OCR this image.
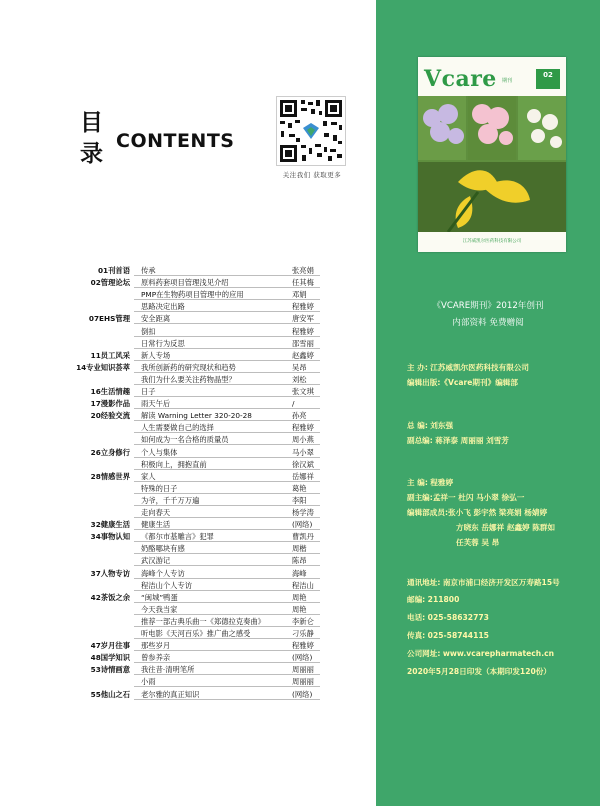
目
录 CONTENTS
关注我们 获取更多
01刊首语 传承	张亮娟
02管理论坛 原料药套项目管理浅见介绍	任其梅
PMP在生物药项目管理中的应用	邓娟
思路决定出路	程雅婷
07EHS管理 安全距离	唐安军
倒扣	程雅婷
日常行为反思	邵雪丽
11员工风采 新人专场	赵鑫婷
14专业知识荟萃 我所创新药的研究现状和趋势	吴昂
我们为什么要关注药物晶型？	刘松
16生活情趣 日子	张文琪
17漫影作品 雨天午后	/
20经验交流 解读 Warning Letter 320-20-28	孙亮
人生需要做自己的选择	程雅婷
如何成为一名合格的质量员	周小燕
26立身修行 个人与集体	马小翠
积极向上，拥抱直前	徐汉斌
28情感世界 家人	岳娜祥
特殊的日子	葛艳
为爷，千千万万遍	李阳
走向春天	杨学涛
32健康生活 健康生活	(网络)
34事物认知 《都尔市基雕言》犯罪	曹凯丹
奶酪哪块有感	周楷
武汉游记	陈昂
37人物专访 海峰个人专访	海峰
程洁山个人专访	程洁山
42茶饭之余 “闽城”鸭蛋	周艳
今天我当家	周艳
推荐一部古典乐曲一《郑德拉克奏曲》	李新仑
听电影《天河百乐》推广曲之感受	刁乐静
47岁月往事 那些岁月	程雅婷
48国学知识 曾参养亲	(网络)
53诗情画意 我往昔·清明笔所	周丽丽
小雨	周丽丽
55他山之石 老尔雅的真正知识	(网络)
Vcare 期刊
02
江苏威凯尔医药科技有限公司
《VCARE期刊》2012年创刊
内部资料 免费赠阅
主 办: 江苏威凯尔医药科技有限公司
编辑出版:《Vcare期刊》编辑部
总 编: 刘东强
副总编: 蒋泽泰 周丽丽 刘雪芳
主 编: 程雅婷
副主编:孟祥一 杜闪 马小翠 徐弘一
编辑部成员:张小飞 彭宇然 梁亮娟 杨婧婷
方晓东 岳娜祥 赵鑫婷 陈群如
任芙蓉 吴 昂
通讯地址: 南京市浦口经济开发区万寿路15号
邮编: 211800
电话: 025-58632773
传真: 025-58744115
公司网址: www.vcarepharmatech.cn
2020年5月28日印发（本期印发120份）
